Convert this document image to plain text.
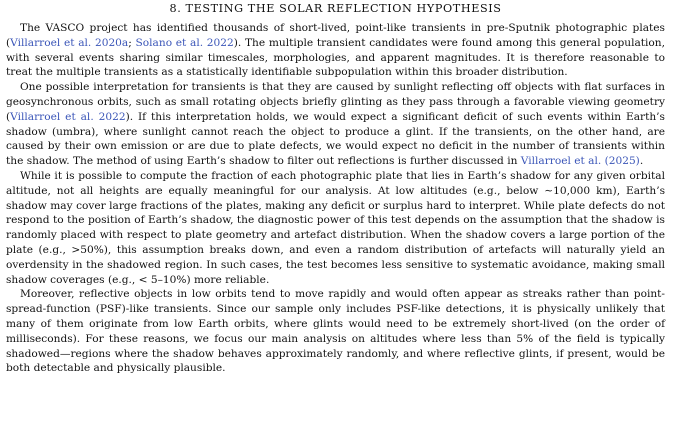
8. TESTING THE SOLAR REFLECTION HYPOTHESIS

The VASCO project has identified thousands of short-lived, point-like transients in pre-Sputnik photographic plates (Villarroel et al. 2020a; Solano et al. 2022). The multiple transient candidates were found among this general population, with several events sharing similar timescales, morphologies, and apparent magnitudes. It is therefore reasonable to treat the multiple transients as a statistically identifiable subpopulation within this broader distribution.

One possible interpretation for transients is that they are caused by sunlight reflecting off objects with flat surfaces in geosynchronous orbits, such as small rotating objects briefly glinting as they pass through a favorable viewing geometry (Villarroel et al. 2022). If this interpretation holds, we would expect a significant deficit of such events within Earth’s shadow (umbra), where sunlight cannot reach the object to produce a glint. If the transients, on the other hand, are caused by their own emission or are due to plate defects, we would expect no deficit in the number of transients within the shadow. The method of using Earth’s shadow to filter out reflections is further discussed in Villarroel et al. (2025).

While it is possible to compute the fraction of each photographic plate that lies in Earth’s shadow for any given orbital altitude, not all heights are equally meaningful for our analysis. At low altitudes (e.g., below ∼10,000 km), Earth’s shadow may cover large fractions of the plates, making any deficit or surplus hard to interpret. While plate defects do not respond to the position of Earth’s shadow, the diagnostic power of this test depends on the assumption that the shadow is randomly placed with respect to plate geometry and artefact distribution. When the shadow covers a large portion of the plate (e.g., >50%), this assumption breaks down, and even a random distribution of artefacts will naturally yield an overdensity in the shadowed region. In such cases, the test becomes less sensitive to systematic avoidance, making small shadow coverages (e.g., < 5–10%) more reliable.

Moreover, reflective objects in low orbits tend to move rapidly and would often appear as streaks rather than point-spread-function (PSF)-like transients. Since our sample only includes PSF-like detections, it is physically unlikely that many of them originate from low Earth orbits, where glints would need to be extremely short-lived (on the order of milliseconds). For these reasons, we focus our main analysis on altitudes where less than 5% of the field is typically shadowed—regions where the shadow behaves approximately randomly, and where reflective glints, if present, would be both detectable and physically plausible.
